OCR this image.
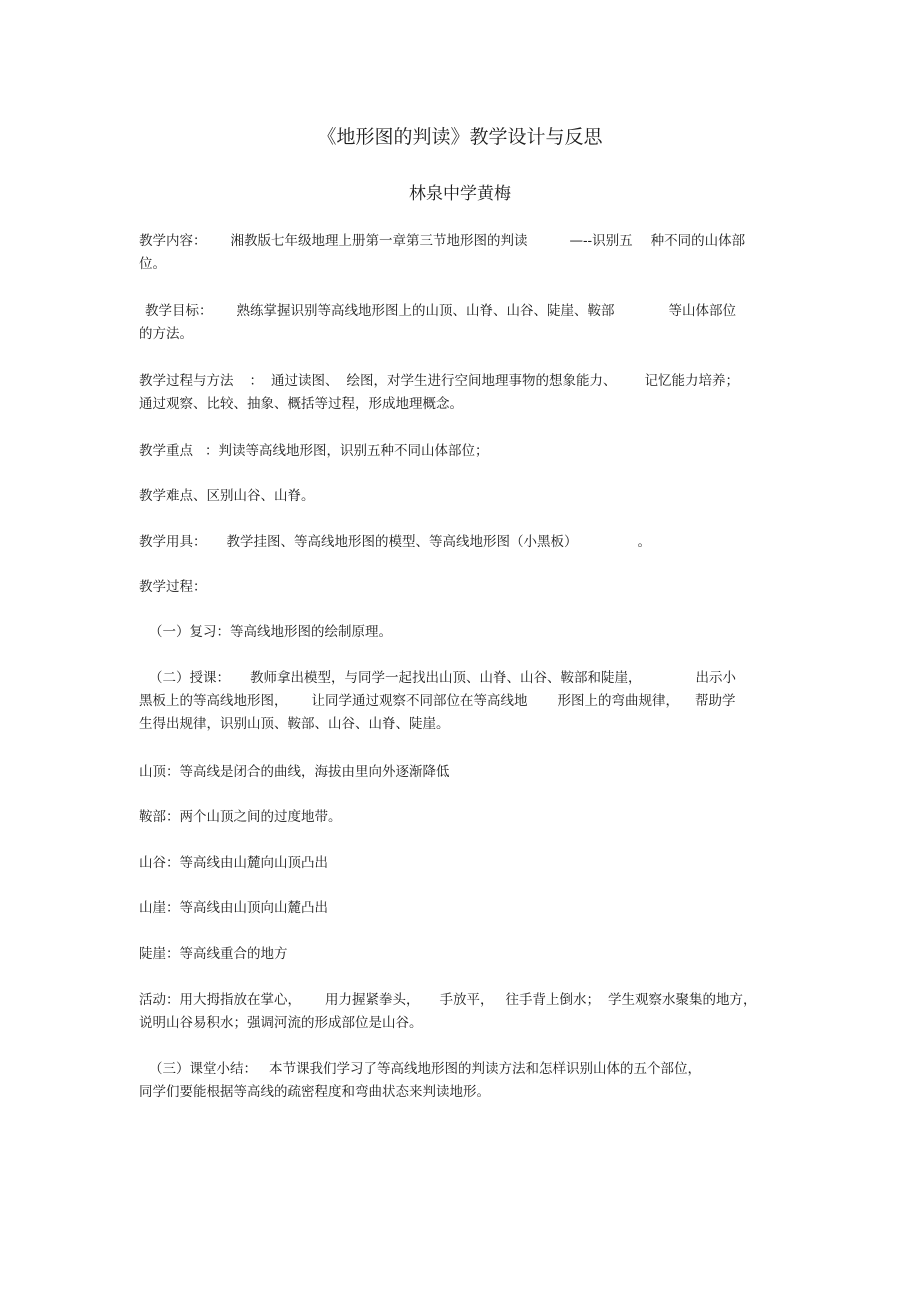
《地形图的判读》教学设计与反思
林泉中学黄梅
教学内容： 湘教版七年级地理上册第一章第三节地形图的判读	—--识别五 种不同的山体部
位。
教学目标： 熟练掌握识别等高线地形图上的山顶、山脊、山谷、陡崖、鞍部	等山体部位
的方法。
教学过程与方法 ： 通过读图、 绘图，对学生进行空间地理事物的想象能力、 记忆能力培养；
通过观察、比较、抽象、概括等过程，形成地理概念。
教学重点 ：判读等高线地形图，识别五种不同山体部位；
教学难点、区别山谷、山脊。
教学用具： 教学挂图、等高线地形图的模型、等高线地形图（小黑板）	。
教学过程：
（一）复习：等高线地形图的绘制原理。
（二）授课： 教师拿出模型，与同学一起找出山顶、山脊、山谷、鞍部和陡崖，	出示小
黑板上的等高线地形图， 让同学通过观察不同部位在等高线地 形图上的弯曲规律， 帮助学
生得出规律，识别山顶、鞍部、山谷、山脊、陡崖。
山顶：等高线是闭合的曲线，海拔由里向外逐渐降低
鞍部：两个山顶之间的过度地带。
山谷：等高线由山麓向山顶凸出
山崖：等高线由山顶向山麓凸出
陡崖：等高线重合的地方
活动：用大拇指放在掌心， 用力握紧拳头， 手放平， 往手背上倒水； 学生观察水聚集的地方，
说明山谷易积水；强调河流的形成部位是山谷。
（三）课堂小结： 本节课我们学习了等高线地形图的判读方法和怎样识别山体的五个部位，
同学们要能根据等高线的疏密程度和弯曲状态来判读地形。
